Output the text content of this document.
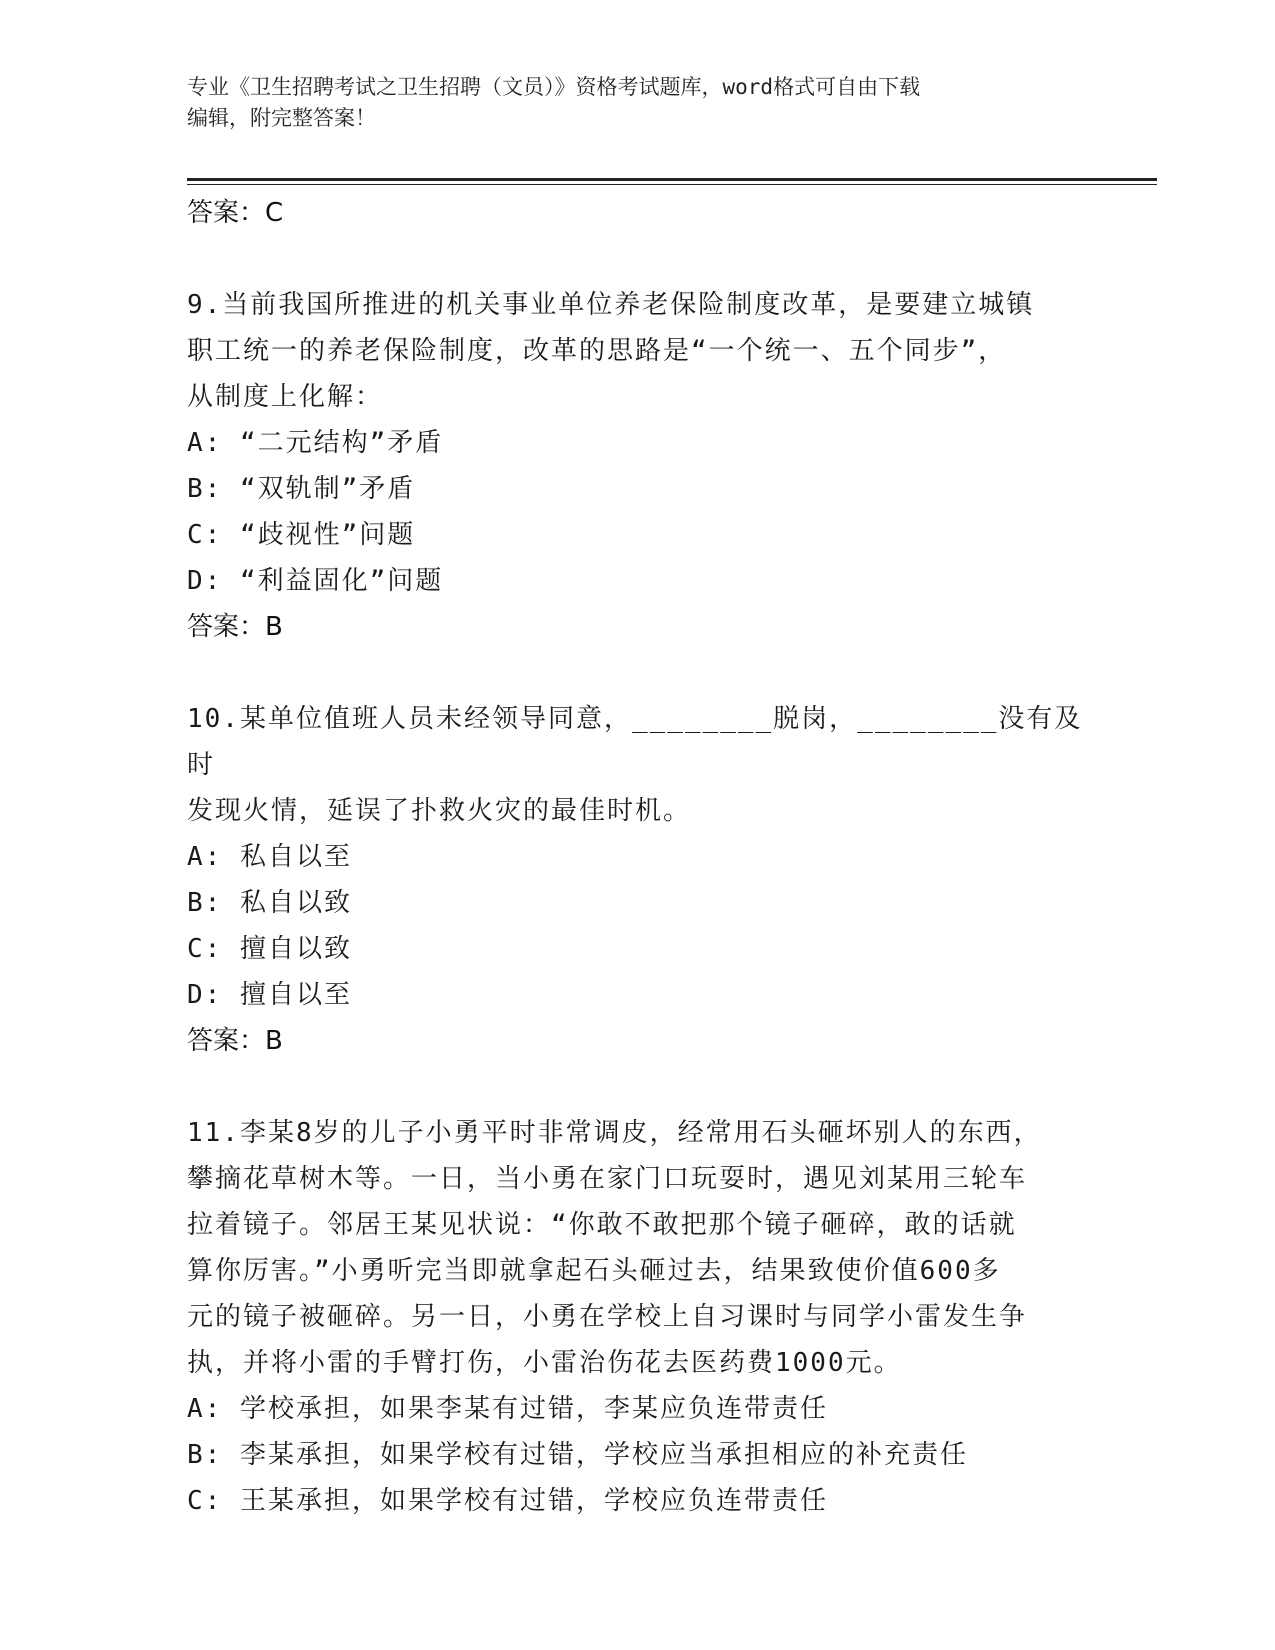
专业《卫生招聘考试之卫生招聘（文员）》资格考试题库，word格式可自由下载
编辑，附完整答案！
答案：C
9.当前我国所推进的机关事业单位养老保险制度改革，是要建立城镇
职工统一的养老保险制度，改革的思路是“一个统一、五个同步”，
从制度上化解：
A: “二元结构”矛盾
B: “双轨制”矛盾
C: “歧视性”问题
D: “利益固化”问题
答案：B
10.某单位值班人员未经领导同意，________脱岗，________没有及时
发现火情，延误了扑救火灾的最佳时机。
A: 私自以至
B: 私自以致
C: 擅自以致
D: 擅自以至
答案：B
11.李某8岁的儿子小勇平时非常调皮，经常用石头砸坏别人的东西，
攀摘花草树木等。一日，当小勇在家门口玩耍时，遇见刘某用三轮车
拉着镜子。邻居王某见状说：“你敢不敢把那个镜子砸碎，敢的话就
算你厉害。”小勇听完当即就拿起石头砸过去，结果致使价值600多
元的镜子被砸碎。另一日，小勇在学校上自习课时与同学小雷发生争
执，并将小雷的手臂打伤，小雷治伤花去医药费1000元。
A: 学校承担，如果李某有过错，李某应负连带责任
B: 李某承担，如果学校有过错，学校应当承担相应的补充责任
C: 王某承担，如果学校有过错，学校应负连带责任
